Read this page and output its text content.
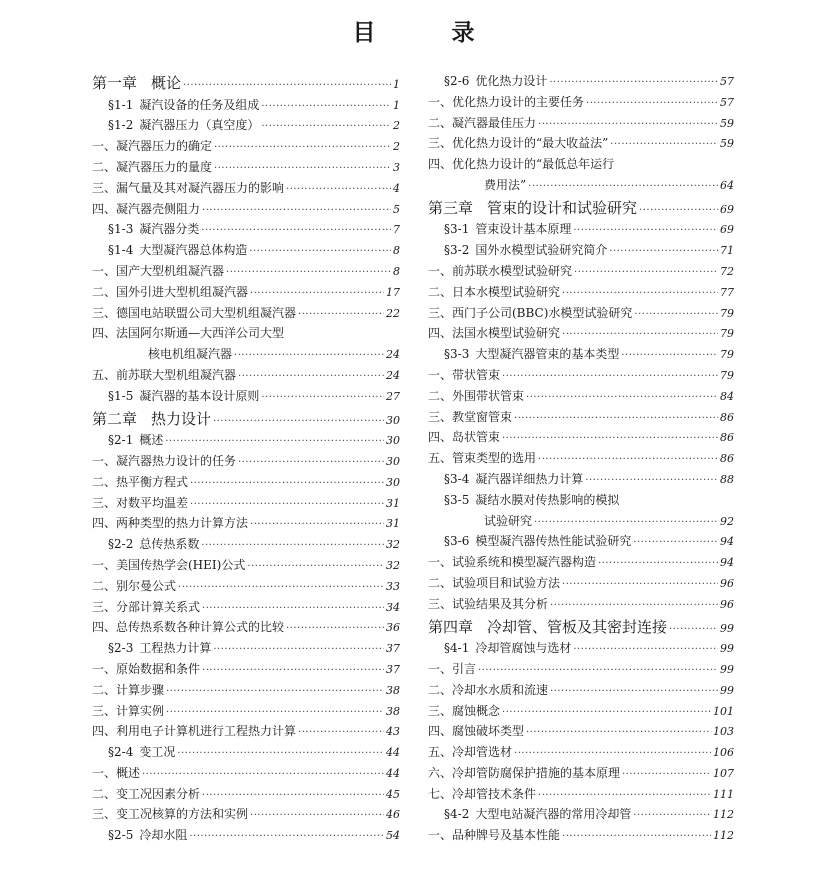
目 录
第一章 概论 ·····	1
§1-1 凝汽设备的任务及组成 ·····	1
§1-2 凝汽器压力（真空度） ·····	2
一、凝汽器压力的确定 ·····	2
二、凝汽器压力的量度 ·····	3
三、漏气量及其对凝汽器压力的影响 ·····	4
四、凝汽器壳侧阻力 ·····	5
§1-3 凝汽器分类 ·····	7
§1-4 大型凝汽器总体构造 ·····	8
一、国产大型机组凝汽器 ·····	8
二、国外引进大型机组凝汽器 ·····	17
三、德国电站联盟公司大型机组凝汽器 ·····	22
四、法国阿尔斯通—大西洋公司大型
核电机组凝汽器 ·····	24
五、前苏联大型机组凝汽器 ·····	24
§1-5 凝汽器的基本设计原则 ·····	27
第二章 热力设计 ·····	30
§2-1 概述 ·····	30
一、凝汽器热力设计的任务 ·····	30
二、热平衡方程式 ·····	30
三、对数平均温差 ·····	31
四、两种类型的热力计算方法 ·····	31
§2-2 总传热系数 ·····	32
一、美国传热学会(HEI)公式 ·····	32
二、别尔曼公式 ·····	33
三、分部计算关系式 ·····	34
四、总传热系数各种计算公式的比较 ·····	36
§2-3 工程热力计算 ·····	37
一、原始数据和条件 ·····	37
二、计算步骤 ·····	38
三、计算实例 ·····	38
四、利用电子计算机进行工程热力计算 ·····	43
§2-4 变工况 ·····	44
一、概述 ·····	44
二、变工况因素分析 ·····	45
三、变工况核算的方法和实例 ·····	46
§2-5 冷却水阻 ·····	54
§2-6 优化热力设计 ·····	57
一、优化热力设计的主要任务 ·····	57
二、凝汽器最佳压力 ·····	59
三、优化热力设计的“最大收益法” ·····	59
四、优化热力设计的“最低总年运行
费用法” ·····	64
第三章 管束的设计和试验研究 ·····	69
§3-1 管束设计基本原理 ·····	69
§3-2 国外水模型试验研究简介 ·····	71
一、前苏联水模型试验研究 ·····	72
二、日本水模型试验研究 ·····	77
三、西门子公司(BBC)水模型试验研究 ·····	79
四、法国水模型试验研究 ·····	79
§3-3 大型凝汽器管束的基本类型 ·····	79
一、带状管束 ·····	79
二、外围带状管束 ·····	84
三、教堂窗管束 ·····	86
四、岛状管束 ·····	86
五、管束类型的选用 ·····	86
§3-4 凝汽器详细热力计算 ·····	88
§3-5 凝结水膜对传热影响的模拟
试验研究 ·····	92
§3-6 模型凝汽器传热性能试验研究 ·····	94
一、试验系统和模型凝汽器构造 ·····	94
二、试验项目和试验方法 ·····	96
三、试验结果及其分析 ·····	96
第四章 冷却管、管板及其密封连接 ·····	99
§4-1 冷却管腐蚀与选材 ·····	99
一、引言 ·····	99
二、冷却水水质和流速 ·····	99
三、腐蚀概念 ·····	101
四、腐蚀破坏类型 ·····	103
五、冷却管选材 ·····	106
六、冷却管防腐保护措施的基本原理 ·····	107
七、冷却管技术条件 ·····	111
§4-2 大型电站凝汽器的常用冷却管 ·····	112
一、品种牌号及基本性能 ·····	112
